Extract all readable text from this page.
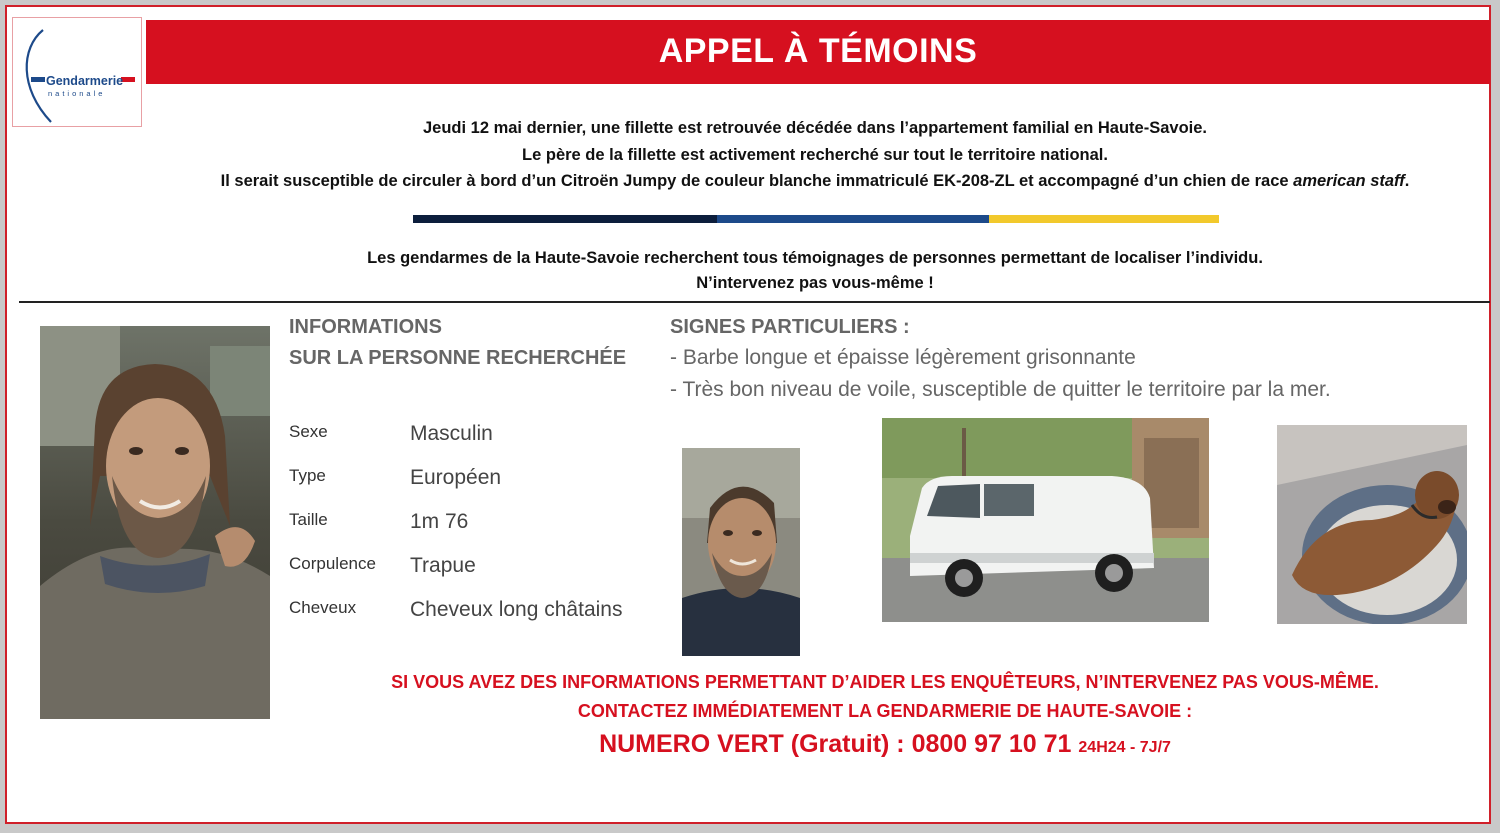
Gendarmerie
nationale
APPEL À TÉMOINS
Jeudi 12 mai dernier, une fillette est retrouvée décédée dans l’appartement familial en Haute-Savoie.
Le père de la fillette est activement recherché sur tout le territoire national.
Il serait susceptible de circuler à bord d’un Citroën Jumpy de couleur blanche immatriculé EK-208-ZL et accompagné d’un chien de race american staff.
Les gendarmes de la Haute-Savoie recherchent tous témoignages de personnes permettant de localiser l’individu.
N’intervenez pas vous-même !
INFORMATIONS
SUR LA PERSONNE RECHERCHÉE
Sexe	Masculin
Type	Européen
Taille	1m 76
Corpulence Trapue
Cheveux	Cheveux long châtains
SIGNES PARTICULIERS :
- Barbe longue et épaisse légèrement grisonnante
- Très bon niveau de voile, susceptible de quitter le territoire par la mer.
SI VOUS AVEZ DES INFORMATIONS PERMETTANT D’AIDER LES ENQUÊTEURS, N’INTERVENEZ PAS VOUS-MÊME.
CONTACTEZ IMMÉDIATEMENT LA GENDARMERIE DE HAUTE-SAVOIE :
NUMERO VERT (Gratuit) : 0800 97 10 71 24H24 - 7J/7
